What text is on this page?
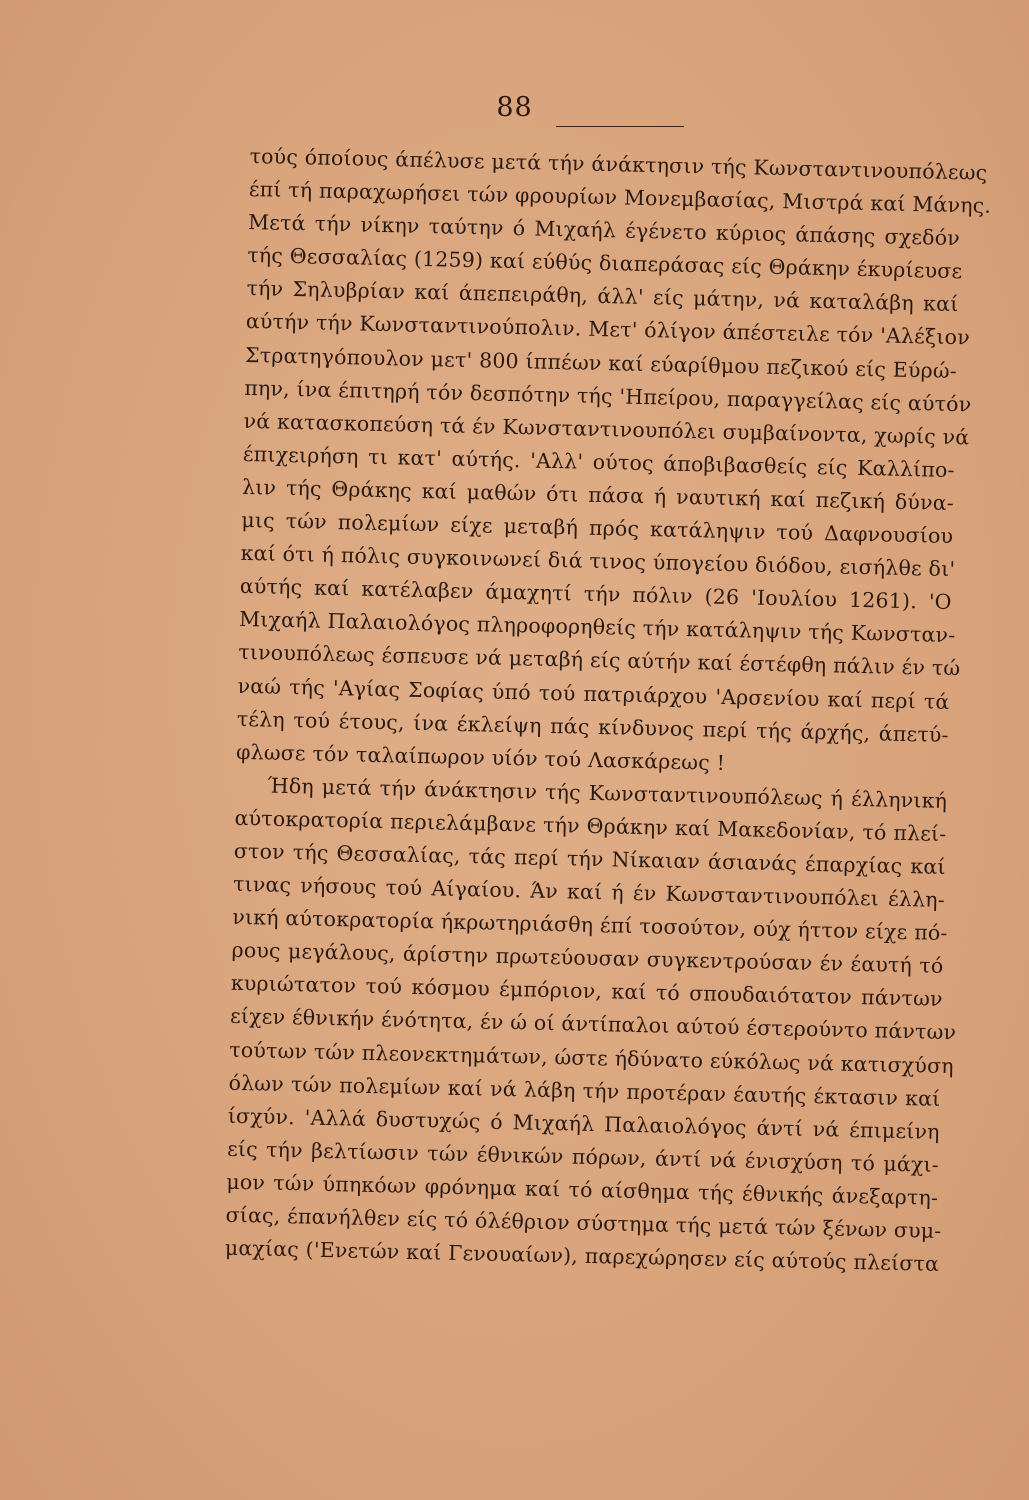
88
τούς όποίους άπέλυσε μετά τήν άνάκτησιν τής Κωνσταντινουπόλεως
έπί τή παραχωρήσει τών φρουρίων Μονεμβασίας, Μιστρά καί Μάνης.
Μετά τήν νίκην ταύτην ό Μιχαήλ έγένετο κύριος άπάσης σχεδόν
τής Θεσσαλίας (1259) καί εύθύς διαπεράσας είς Θράκην έκυρίευσε
τήν Σηλυβρίαν καί άπεπειράθη, άλλ' είς μάτην, νά καταλάβη καί
αύτήν τήν Κωνσταντινούπολιν. Μετ' όλίγον άπέστειλε τόν 'Αλέξιον
Στρατηγόπουλον μετ' 800 ίππέων καί εύαρίθμου πεζικού είς Εύρώ-
πην, ίνα έπιτηρή τόν δεσπότην τής 'Ηπείρου, παραγγείλας είς αύτόν
νά κατασκοπεύση τά έν Κωνσταντινουπόλει συμβαίνοντα, χωρίς νά
έπιχειρήση τι κατ' αύτής. 'Αλλ' ούτος άποβιβασθείς είς Καλλίπο-
λιν τής Θράκης καί μαθών ότι πάσα ή ναυτική καί πεζική δύνα-
μις τών πολεμίων είχε μεταβή πρός κατάληψιν τού Δαφνουσίου
καί ότι ή πόλις συγκοινωνεί διά τινος ύπογείου διόδου, εισήλθε δι'
αύτής καί κατέλαβεν άμαχητί τήν πόλιν (26 'Ιουλίου 1261). 'Ο
Μιχαήλ Παλαιολόγος πληροφορηθείς τήν κατάληψιν τής Κωνσταν-
τινουπόλεως έσπευσε νά μεταβή είς αύτήν καί έστέφθη πάλιν έν τώ
ναώ τής 'Αγίας Σοφίας ύπό τού πατριάρχου 'Αρσενίου καί περί τά
τέλη τού έτους, ίνα έκλείψη πάς κίνδυνος περί τής άρχής, άπετύ-
φλωσε τόν ταλαίπωρον υίόν τού Λασκάρεως !
Ήδη μετά τήν άνάκτησιν τής Κωνσταντινουπόλεως ή έλληνική
αύτοκρατορία περιελάμβανε τήν Θράκην καί Μακεδονίαν, τό πλεί-
στον τής Θεσσαλίας, τάς περί τήν Νίκαιαν άσιανάς έπαρχίας καί
τινας νήσους τού Αίγαίου. Άν καί ή έν Κωνσταντινουπόλει έλλη-
νική αύτοκρατορία ήκρωτηριάσθη έπί τοσούτον, ούχ ήττον είχε πό-
ρους μεγάλους, άρίστην πρωτεύουσαν συγκεντρούσαν έν έαυτή τό
κυριώτατον τού κόσμου έμπόριον, καί τό σπουδαιότατον πάντων
είχεν έθνικήν ένότητα, έν ώ οί άντίπαλοι αύτού έστερούντο πάντων
τούτων τών πλεονεκτημάτων, ώστε ήδύνατο εύκόλως νά κατισχύση
όλων τών πολεμίων καί νά λάβη τήν προτέραν έαυτής έκτασιν καί
ίσχύν. 'Αλλά δυστυχώς ό Μιχαήλ Παλαιολόγος άντί νά έπιμείνη
είς τήν βελτίωσιν τών έθνικών πόρων, άντί νά ένισχύση τό μάχι-
μον τών ύπηκόων φρόνημα καί τό αίσθημα τής έθνικής άνεξαρτη-
σίας, έπανήλθεν είς τό όλέθριον σύστημα τής μετά τών ξένων συμ-
μαχίας ('Ενετών καί Γενουαίων), παρεχώρησεν είς αύτούς πλείστα
